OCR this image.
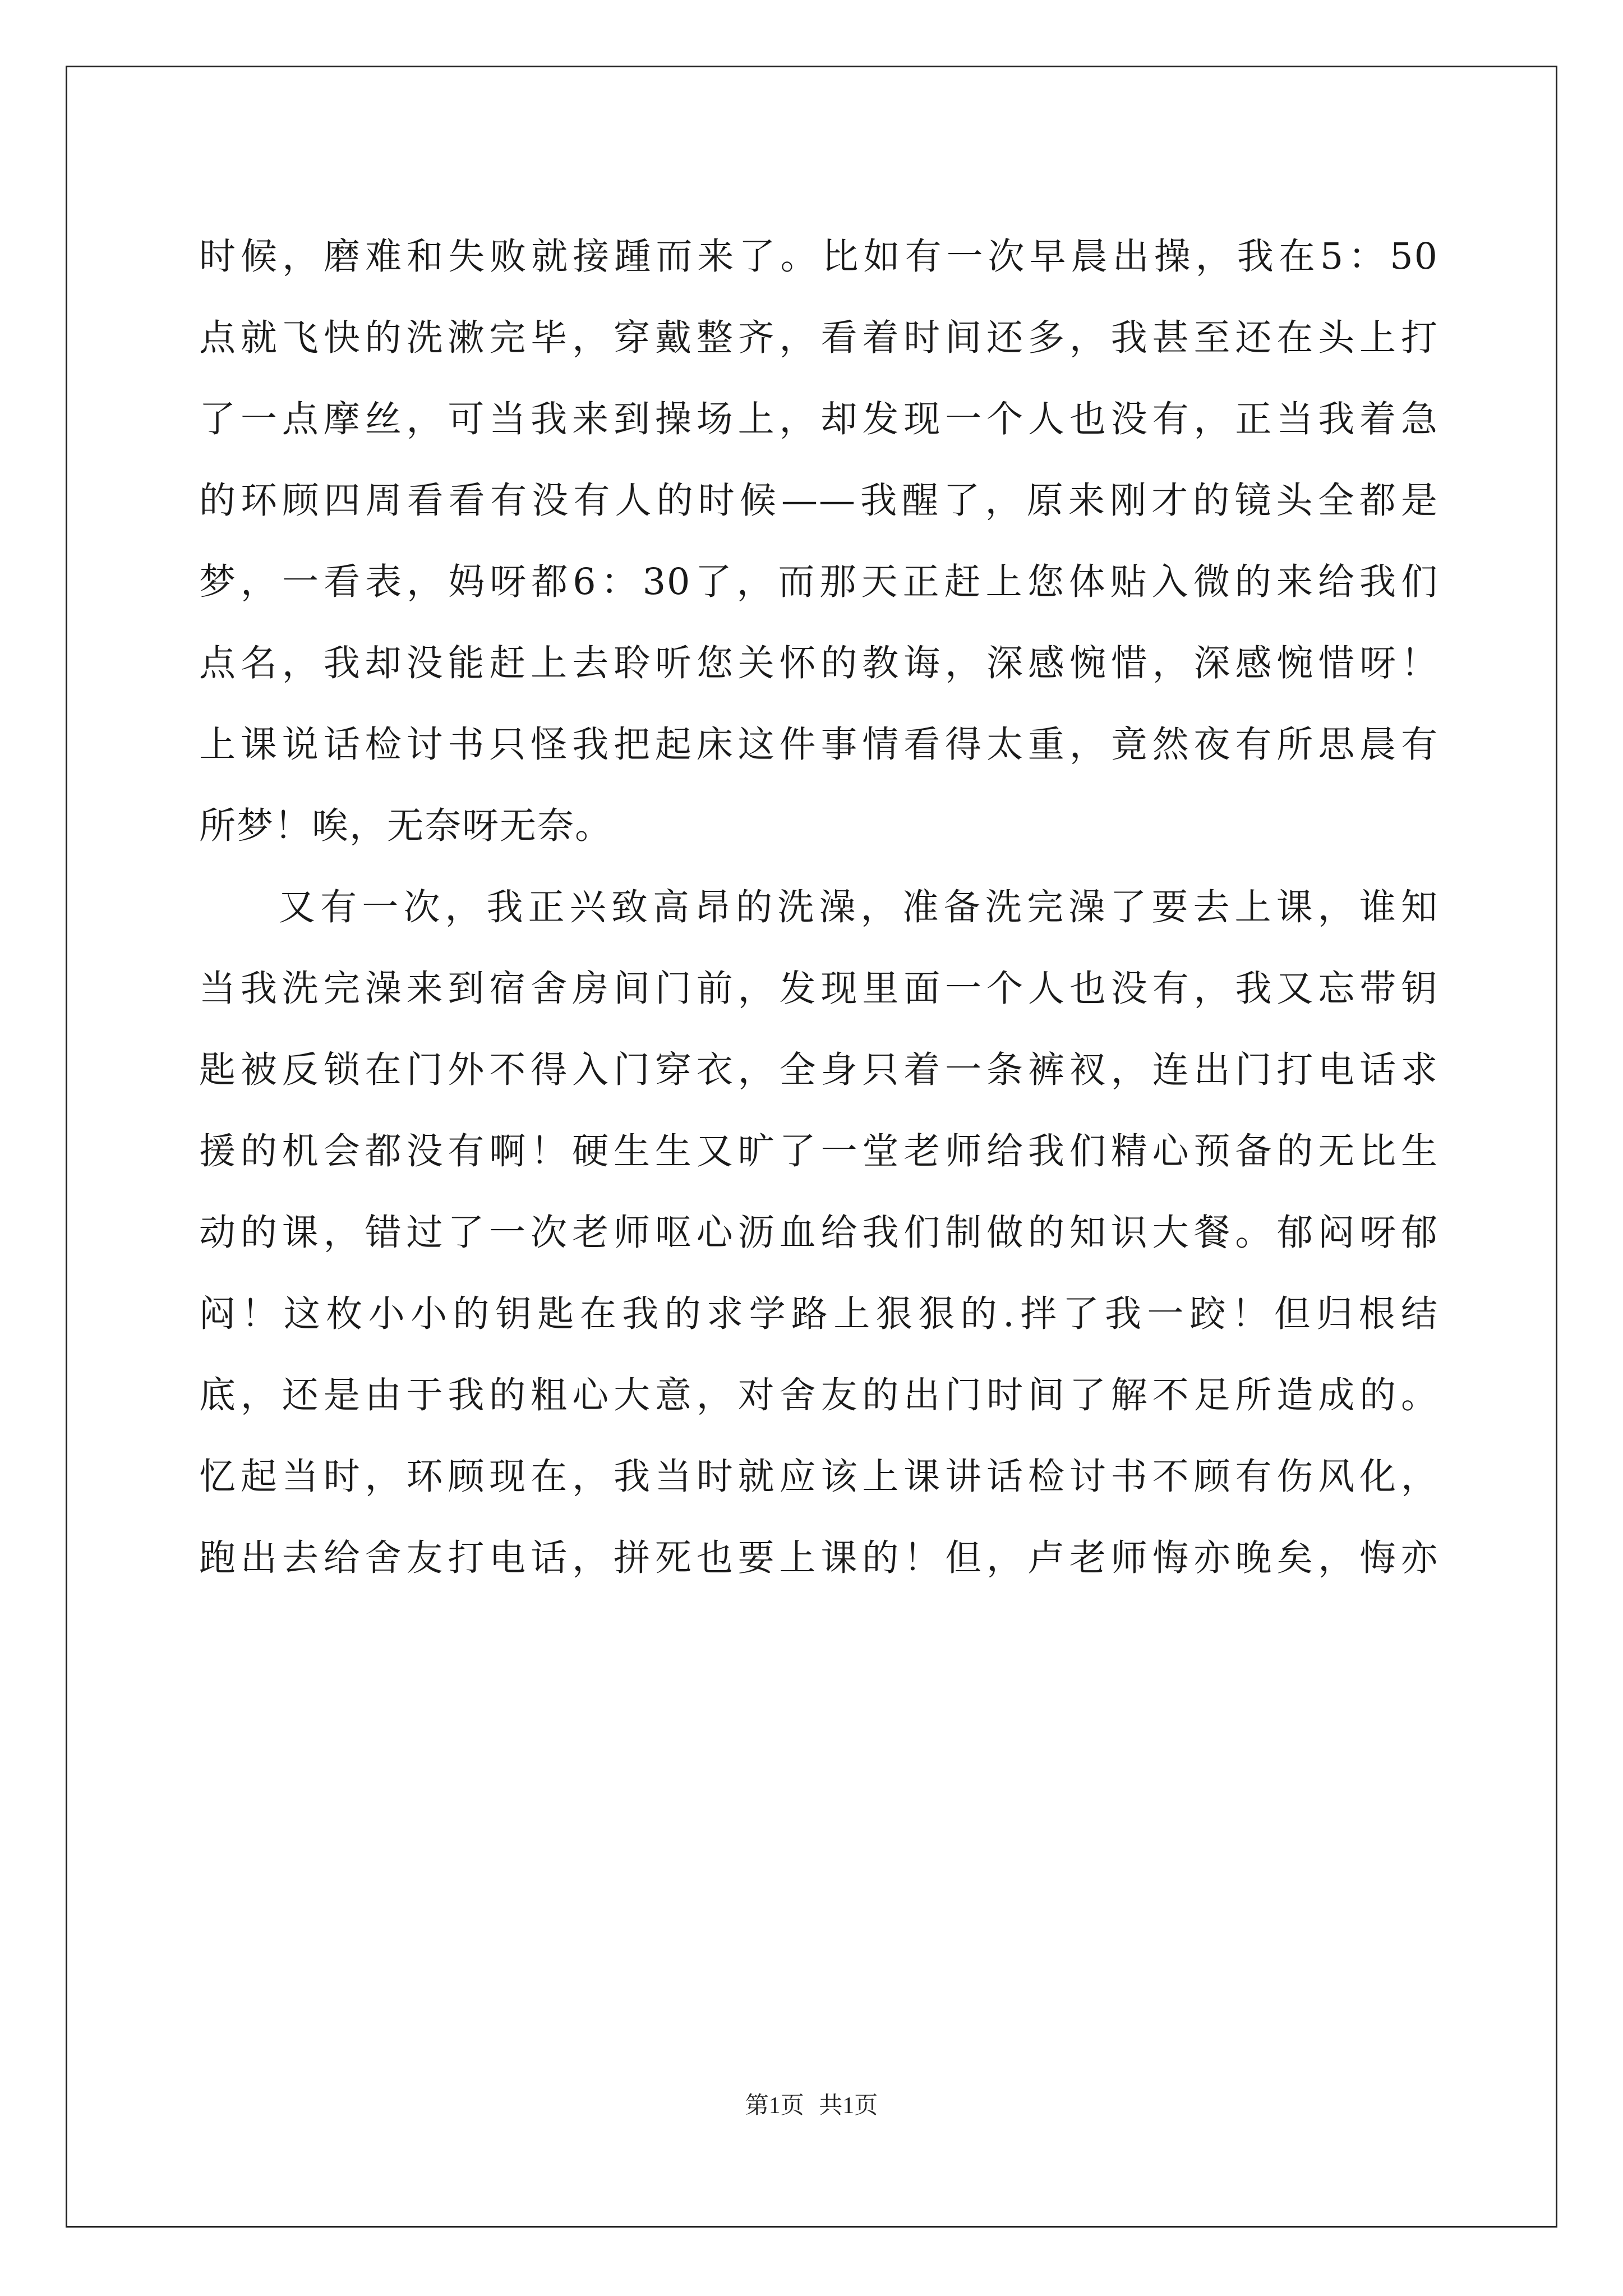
时候，磨难和失败就接踵而来了。比如有一次早晨出操，我在5：50
点就飞快的洗漱完毕，穿戴整齐，看着时间还多，我甚至还在头上打
了一点摩丝，可当我来到操场上，却发现一个人也没有，正当我着急
的环顾四周看看有没有人的时候——我醒了，原来刚才的镜头全都是
梦，一看表，妈呀都6：30了，而那天正赶上您体贴入微的来给我们
点名，我却没能赶上去聆听您关怀的教诲，深感惋惜，深感惋惜呀！
上课说话检讨书只怪我把起床这件事情看得太重，竟然夜有所思晨有
所梦！唉，无奈呀无奈。
又有一次，我正兴致高昂的洗澡，准备洗完澡了要去上课，谁知
当我洗完澡来到宿舍房间门前，发现里面一个人也没有，我又忘带钥
匙被反锁在门外不得入门穿衣，全身只着一条裤衩，连出门打电话求
援的机会都没有啊！硬生生又旷了一堂老师给我们精心预备的无比生
动的课，错过了一次老师呕心沥血给我们制做的知识大餐。郁闷呀郁
闷！这枚小小的钥匙在我的求学路上狠狠的.拌了我一跤！但归根结
底，还是由于我的粗心大意，对舍友的出门时间了解不足所造成的。
忆起当时，环顾现在，我当时就应该上课讲话检讨书不顾有伤风化，
跑出去给舍友打电话，拼死也要上课的！但，卢老师悔亦晚矣，悔亦
第1页 共1页
